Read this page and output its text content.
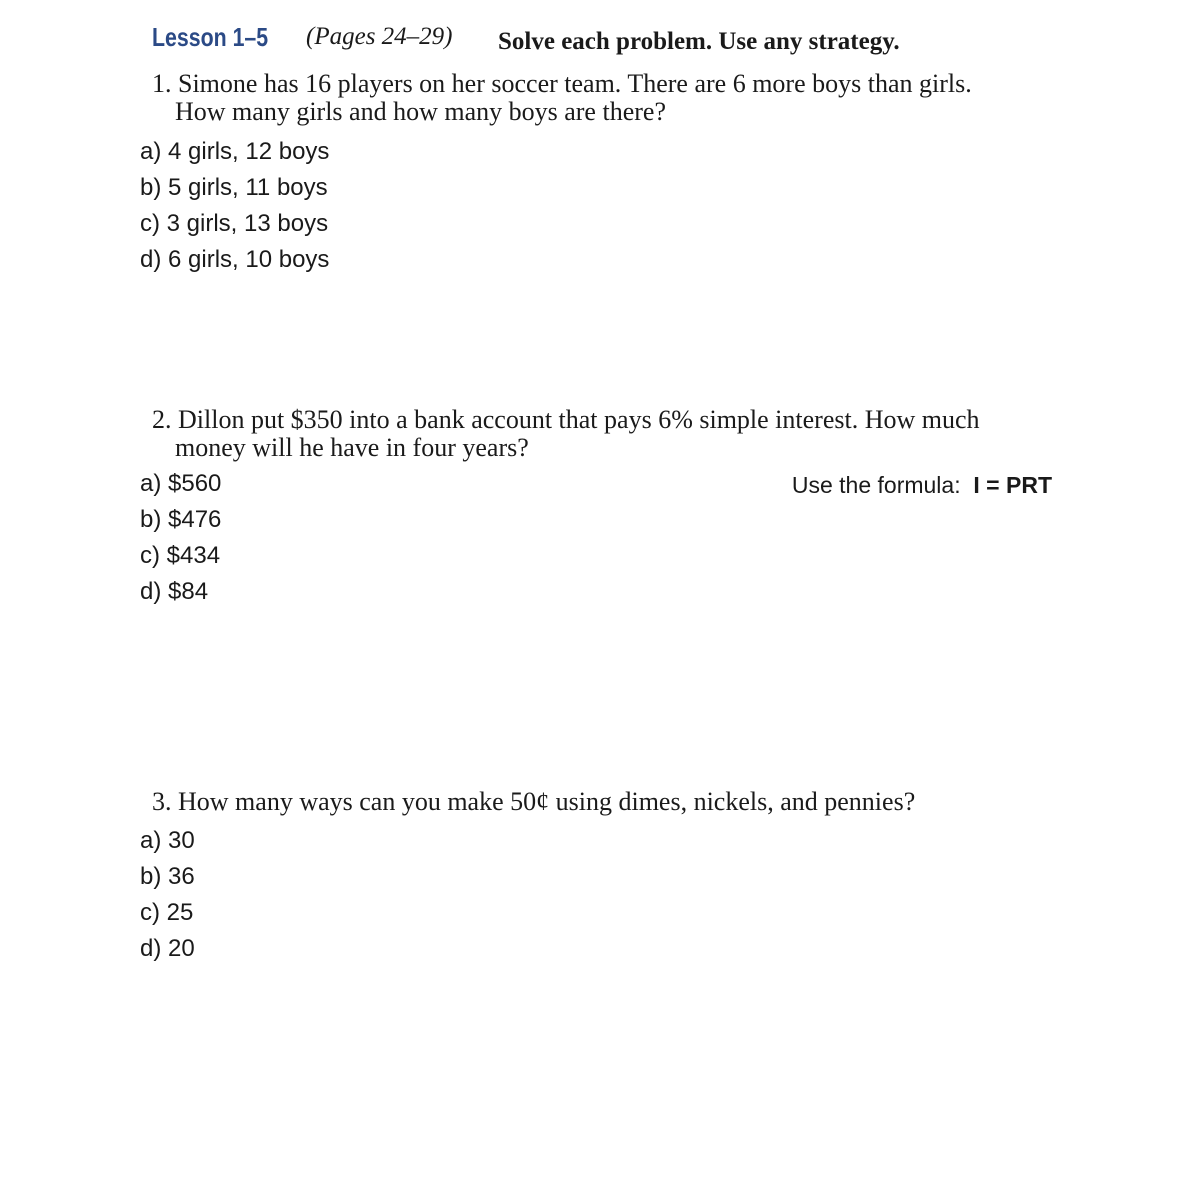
Lesson 1–5 (Pages 24–29) Solve each problem. Use any strategy.
1. Simone has 16 players on her soccer team. There are 6 more boys than girls.
How many girls and how many boys are there?
a) 4 girls, 12 boys
b) 5 girls, 11 boys
c) 3 girls, 13 boys
d) 6 girls, 10 boys
2. Dillon put $350 into a bank account that pays 6% simple interest. How much
money will he have in four years?
a) $560
b) $476
c) $434
d) $84
Use the formula: I = PRT
3. How many ways can you make 50¢ using dimes, nickels, and pennies?
a) 30
b) 36
c) 25
d) 20
